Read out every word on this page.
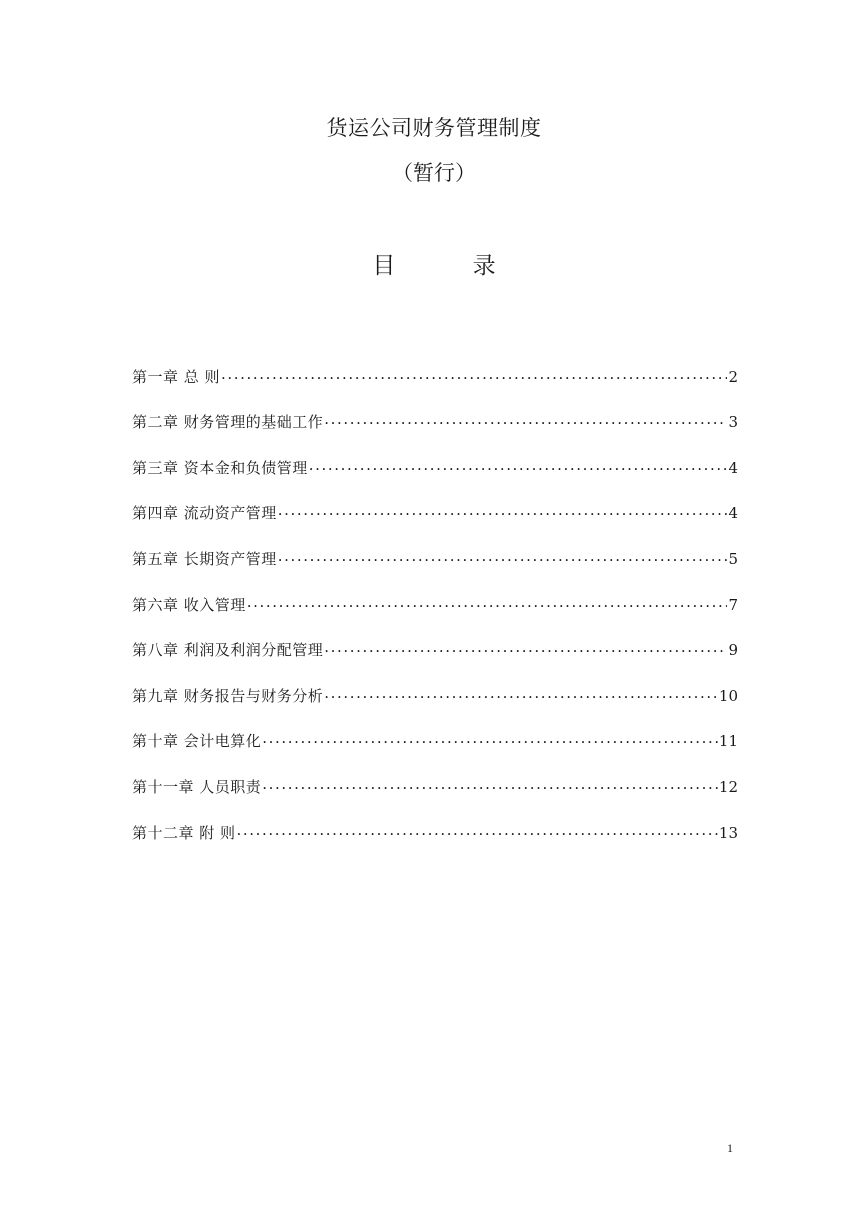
货运公司财务管理制度
（暂行）
目 录
第一章 总 则 .....	2
第二章 财务管理的基础工作 .....	3
第三章 资本金和负债管理 .....	4
第四章 流动资产管理 .....	4
第五章 长期资产管理 .....	5
第六章 收入管理 .....	7
第八章 利润及利润分配管理 .....	9
第九章 财务报告与财务分析 .....	10
第十章 会计电算化 .....	11
第十一章 人员职责 .....	12
第十二章 附 则 .....	13
1
